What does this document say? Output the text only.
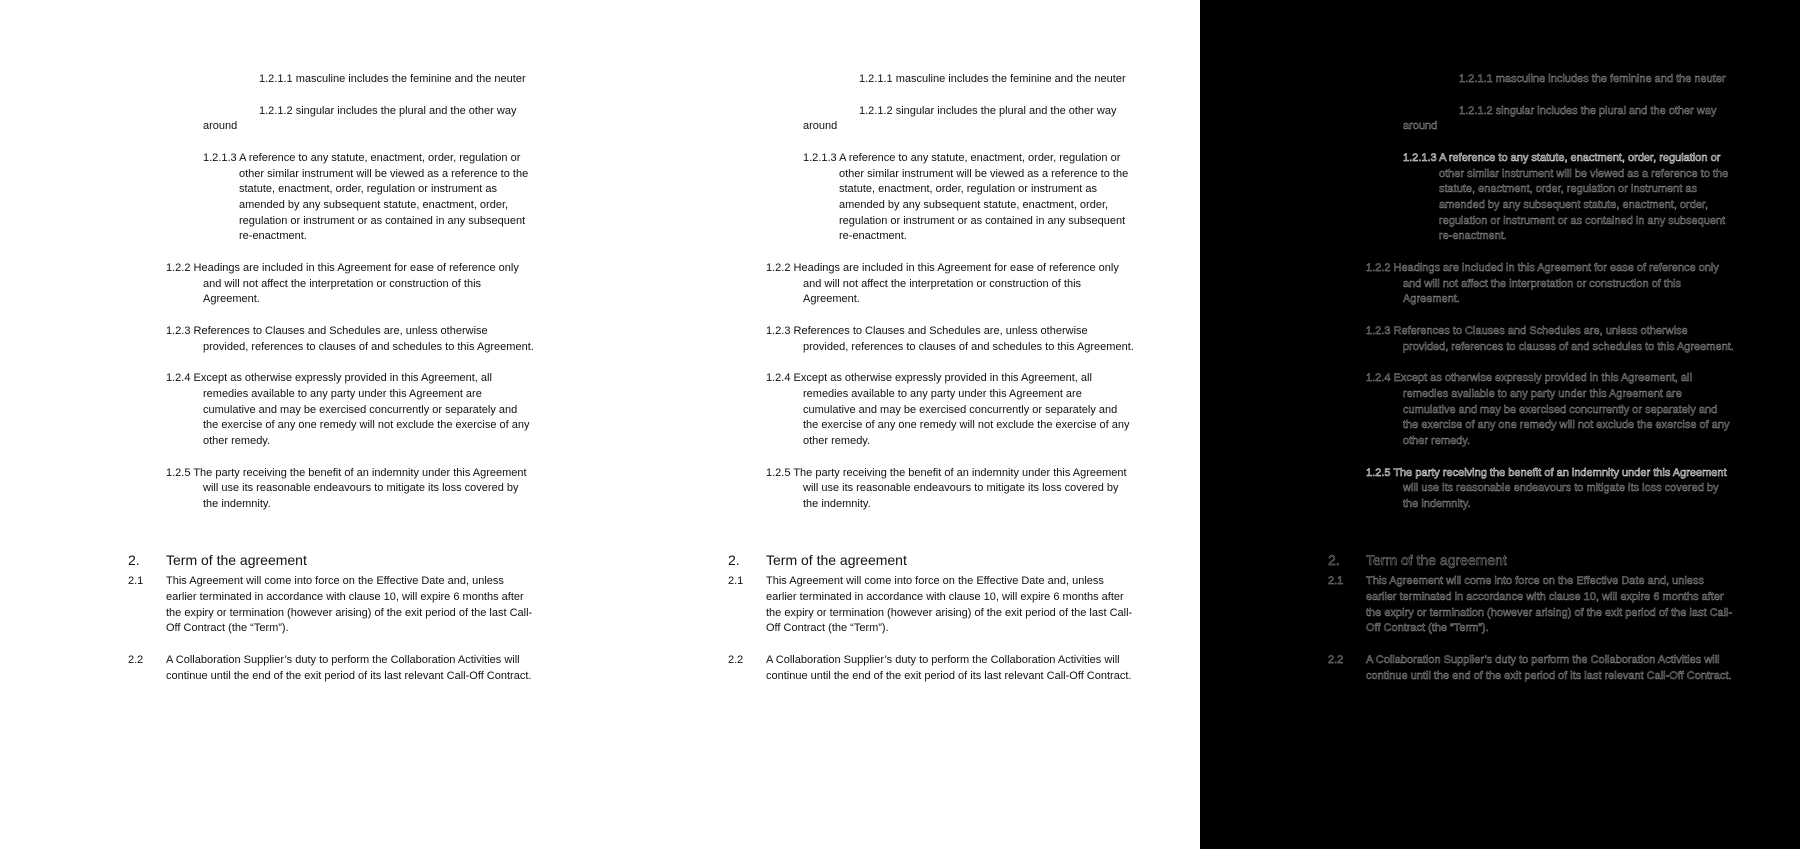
1.2.1.1 masculine includes the feminine and the neuter

1.2.1.2 singular includes the plural and the other way

around

1.2.1.3 A reference to any statute, enactment, order, regulation or

other similar instrument will be viewed as a reference to the

statute, enactment, order, regulation or instrument as

amended by any subsequent statute, enactment, order,

regulation or instrument or as contained in any subsequent

re-enactment.

1.2.2 Headings are included in this Agreement for ease of reference only

and will not affect the interpretation or construction of this

Agreement.

1.2.3 References to Clauses and Schedules are, unless otherwise

provided, references to clauses of and schedules to this Agreement.

1.2.4 Except as otherwise expressly provided in this Agreement, all

remedies available to any party under this Agreement are

cumulative and may be exercised concurrently or separately and

the exercise of any one remedy will not exclude the exercise of any

other remedy.

1.2.5 The party receiving the benefit of an indemnity under this Agreement

will use its reasonable endeavours to mitigate its loss covered by

the indemnity.

2. Term of the agreement

2.1 This Agreement will come into force on the Effective Date and, unless

earlier terminated in accordance with clause 10, will expire 6 months after

the expiry or termination (however arising) of the exit period of the last Call-

Off Contract (the “Term”).

2.2 A Collaboration Supplier’s duty to perform the Collaboration Activities will

continue until the end of the exit period of its last relevant Call-Off Contract.

1.2.1.1 masculine includes the feminine and the neuter

1.2.1.2 singular includes the plural and the other way

around

1.2.1.3 A reference to any statute, enactment, order, regulation or

other similar instrument will be viewed as a reference to the

statute, enactment, order, regulation or instrument as

amended by any subsequent statute, enactment, order,

regulation or instrument or as contained in any subsequent

re-enactment.

1.2.2 Headings are included in this Agreement for ease of reference only

and will not affect the interpretation or construction of this

Agreement.

1.2.3 References to Clauses and Schedules are, unless otherwise

provided, references to clauses of and schedules to this Agreement.

1.2.4 Except as otherwise expressly provided in this Agreement, all

remedies available to any party under this Agreement are

cumulative and may be exercised concurrently or separately and

the exercise of any one remedy will not exclude the exercise of any

other remedy.

1.2.5 The party receiving the benefit of an indemnity under this Agreement

will use its reasonable endeavours to mitigate its loss covered by

the indemnity.

2. Term of the agreement

2.1 This Agreement will come into force on the Effective Date and, unless

earlier terminated in accordance with clause 10, will expire 6 months after

the expiry or termination (however arising) of the exit period of the last Call-

Off Contract (the “Term”).

2.2 A Collaboration Supplier’s duty to perform the Collaboration Activities will

continue until the end of the exit period of its last relevant Call-Off Contract.

1.2.1.1 masculine includes the feminine and the neuter

1.2.1.2 singular includes the plural and the other way

around

1.2.1.3 A reference to any statute, enactment, order, regulation or

other similar instrument will be viewed as a reference to the

statute, enactment, order, regulation or instrument as

amended by any subsequent statute, enactment, order,

regulation or instrument or as contained in any subsequent

re-enactment.

1.2.2 Headings are included in this Agreement for ease of reference only

and will not affect the interpretation or construction of this

Agreement.

1.2.3 References to Clauses and Schedules are, unless otherwise

provided, references to clauses of and schedules to this Agreement.

1.2.4 Except as otherwise expressly provided in this Agreement, all

remedies available to any party under this Agreement are

cumulative and may be exercised concurrently or separately and

the exercise of any one remedy will not exclude the exercise of any

other remedy.

1.2.5 The party receiving the benefit of an indemnity under this Agreement

will use its reasonable endeavours to mitigate its loss covered by

the indemnity.

2. Term of the agreement

2.1 This Agreement will come into force on the Effective Date and, unless

earlier terminated in accordance with clause 10, will expire 6 months after

the expiry or termination (however arising) of the exit period of the last Call-

Off Contract (the “Term”).

2.2 A Collaboration Supplier’s duty to perform the Collaboration Activities will

continue until the end of the exit period of its last relevant Call-Off Contract.
